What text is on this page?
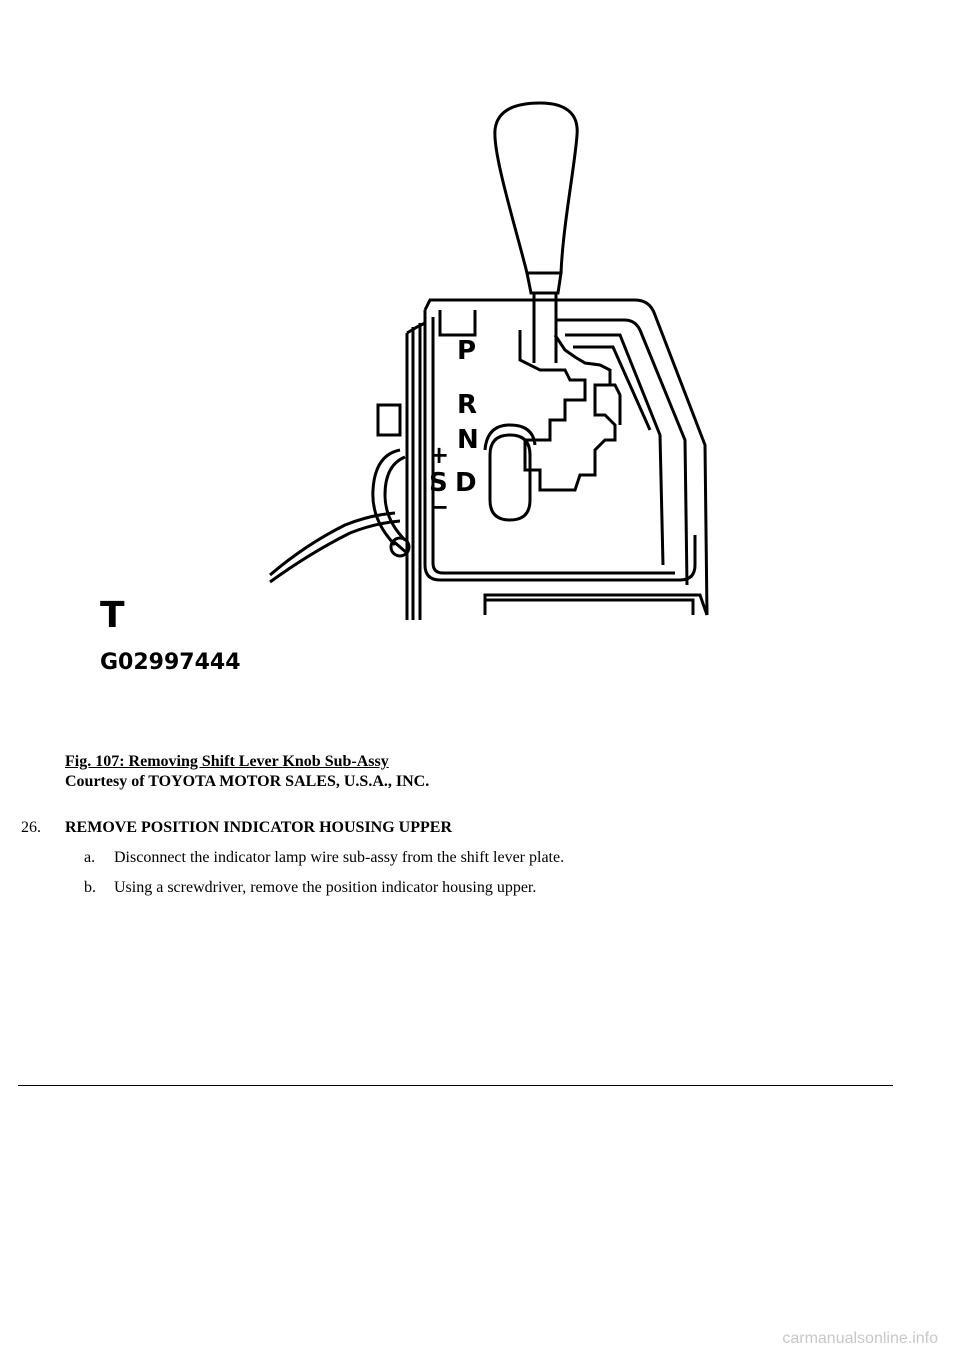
P
R
N
+
S D
−
T
G02997444
Fig. 107: Removing Shift Lever Knob Sub-Assy
Courtesy of TOYOTA MOTOR SALES, U.S.A., INC.
26. REMOVE POSITION INDICATOR HOUSING UPPER
a. Disconnect the indicator lamp wire sub-assy from the shift lever plate.
b. Using a screwdriver, remove the position indicator housing upper.
carmanualsonline.info
